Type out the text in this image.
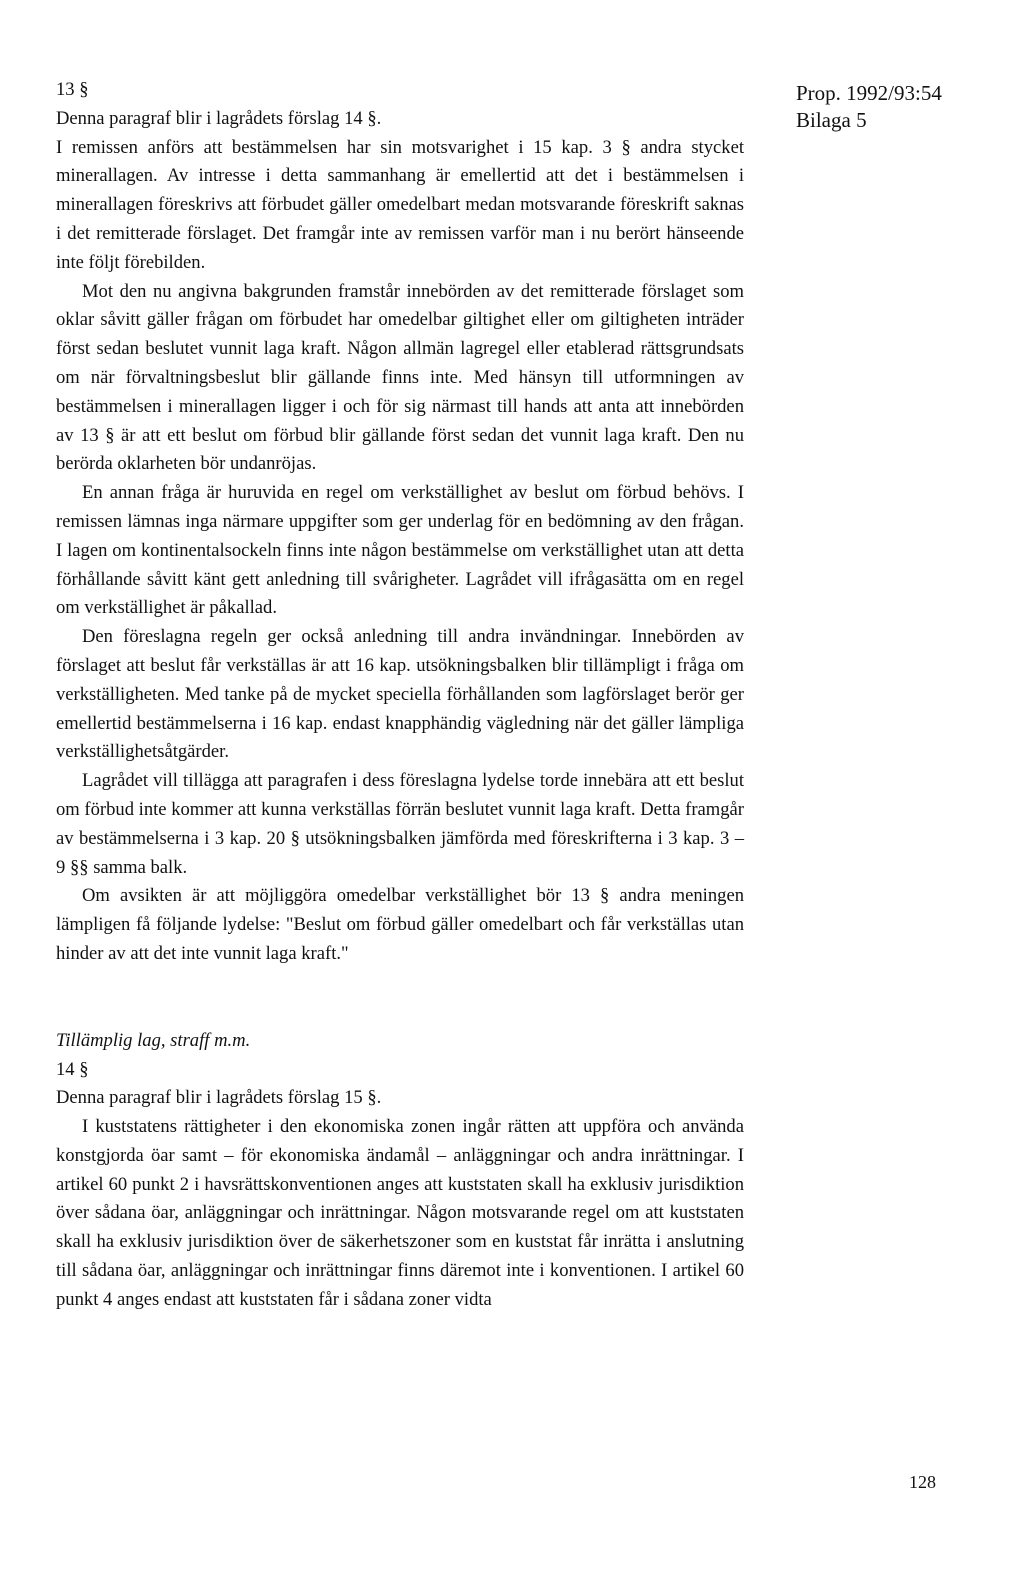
Prop. 1992/93:54
Bilaga 5
13 §

Denna paragraf blir i lagrådets förslag 14 §.

I remissen anförs att bestämmelsen har sin motsvarighet i 15 kap. 3 § andra stycket minerallagen. Av intresse i detta sammanhang är emellertid att det i bestämmelsen i minerallagen föreskrivs att förbudet gäller omedelbart medan motsvarande föreskrift saknas i det remitterade förslaget. Det framgår inte av remissen varför man i nu berört hänseende inte följt förebilden.

Mot den nu angivna bakgrunden framstår innebörden av det remitterade förslaget som oklar såvitt gäller frågan om förbudet har omedelbar giltighet eller om giltigheten inträder först sedan beslutet vunnit laga kraft. Någon allmän lagregel eller etablerad rättsgrundsats om när förvaltningsbeslut blir gällande finns inte. Med hänsyn till utformningen av bestämmelsen i minerallagen ligger i och för sig närmast till hands att anta att innebörden av 13 § är att ett beslut om förbud blir gällande först sedan det vunnit laga kraft. Den nu berörda oklarheten bör undanröjas.

En annan fråga är huruvida en regel om verkställighet av beslut om förbud behövs. I remissen lämnas inga närmare uppgifter som ger underlag för en bedömning av den frågan. I lagen om kontinentalsockeln finns inte någon bestämmelse om verkställighet utan att detta förhållande såvitt känt gett anledning till svårigheter. Lagrådet vill ifrågasätta om en regel om verkställighet är påkallad.

Den föreslagna regeln ger också anledning till andra invändningar. Innebörden av förslaget att beslut får verkställas är att 16 kap. utsökningsbalken blir tillämpligt i fråga om verkställigheten. Med tanke på de mycket speciella förhållanden som lagförslaget berör ger emellertid bestämmelserna i 16 kap. endast knapphändig vägledning när det gäller lämpliga verkställighetsåtgärder.

Lagrådet vill tillägga att paragrafen i dess föreslagna lydelse torde innebära att ett beslut om förbud inte kommer att kunna verkställas förrän beslutet vunnit laga kraft. Detta framgår av bestämmelserna i 3 kap. 20 § utsökningsbalken jämförda med föreskrifterna i 3 kap. 3 – 9 §§ samma balk.

Om avsikten är att möjliggöra omedelbar verkställighet bör 13 § andra meningen lämpligen få följande lydelse: "Beslut om förbud gäller omedelbart och får verkställas utan hinder av att det inte vunnit laga kraft."

Tillämplig lag, straff m.m.
14 §

Denna paragraf blir i lagrådets förslag 15 §.

I kuststatens rättigheter i den ekonomiska zonen ingår rätten att uppföra och använda konstgjorda öar samt – för ekonomiska ändamål – anläggningar och andra inrättningar. I artikel 60 punkt 2 i havsrättskonventionen anges att kuststaten skall ha exklusiv jurisdiktion över sådana öar, anläggningar och inrättningar. Någon motsvarande regel om att kuststaten skall ha exklusiv jurisdiktion över de säkerhetszoner som en kuststat får inrätta i anslutning till sådana öar, anläggningar och inrättningar finns däremot inte i konventionen. I artikel 60 punkt 4 anges endast att kuststaten får i sådana zoner vidta

128
